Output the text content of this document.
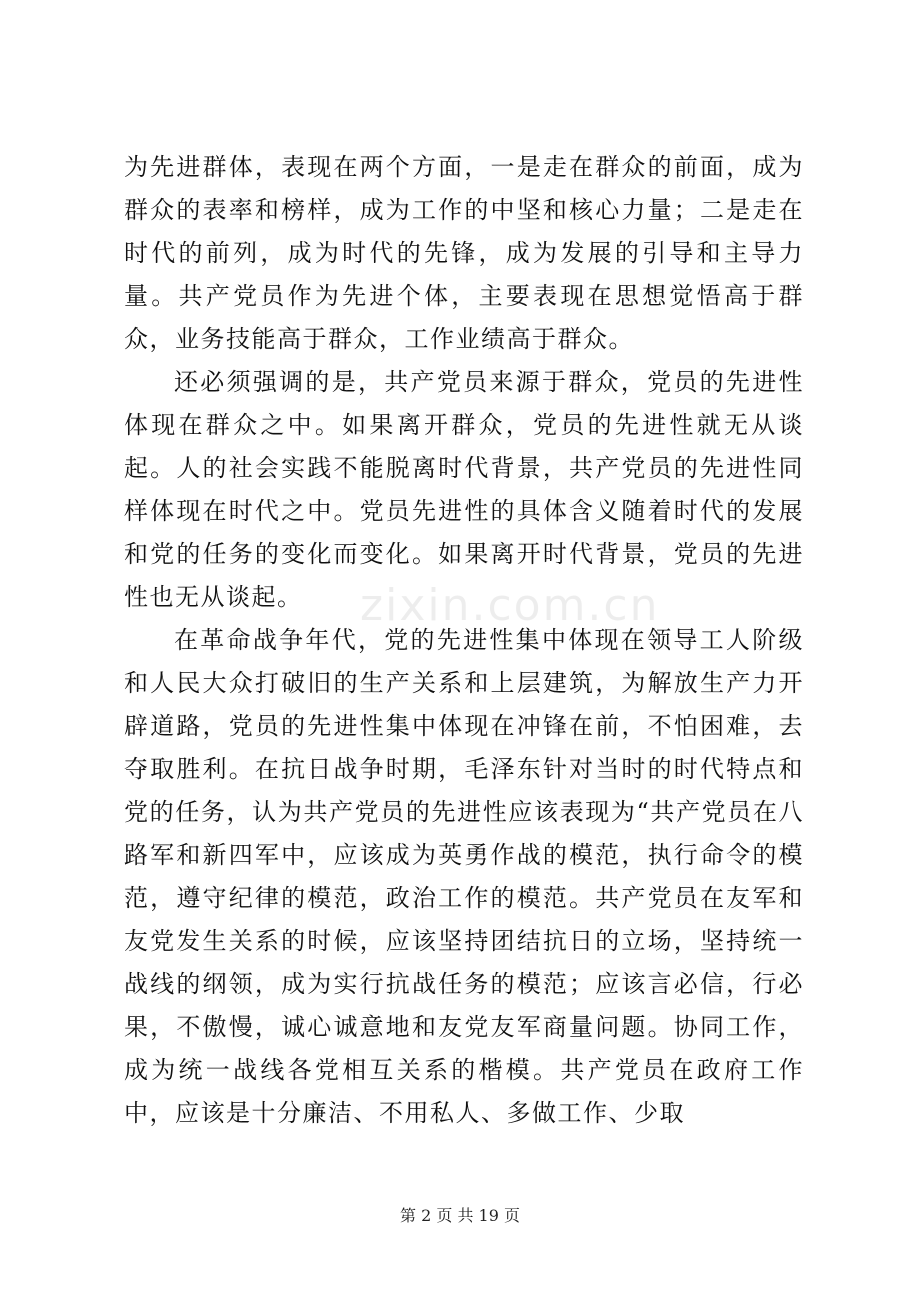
为先进群体，表现在两个方面，一是走在群众的前面，成为群众的表率和榜样，成为工作的中坚和核心力量；二是走在时代的前列，成为时代的先锋，成为发展的引导和主导力量。共产党员作为先进个体，主要表现在思想觉悟高于群众，业务技能高于群众，工作业绩高于群众。

还必须强调的是，共产党员来源于群众，党员的先进性体现在群众之中。如果离开群众，党员的先进性就无从谈起。人的社会实践不能脱离时代背景，共产党员的先进性同样体现在时代之中。党员先进性的具体含义随着时代的发展和党的任务的变化而变化。如果离开时代背景，党员的先进性也无从谈起。

在革命战争年代，党的先进性集中体现在领导工人阶级和人民大众打破旧的生产关系和上层建筑，为解放生产力开辟道路，党员的先进性集中体现在冲锋在前，不怕困难，去夺取胜利。在抗日战争时期，毛泽东针对当时的时代特点和党的任务，认为共产党员的先进性应该表现为“共产党员在八路军和新四军中，应该成为英勇作战的模范，执行命令的模范，遵守纪律的模范，政治工作的模范。共产党员在友军和友党发生关系的时候，应该坚持团结抗日的立场，坚持统一战线的纲领，成为实行抗战任务的模范；应该言必信，行必果，不傲慢，诚心诚意地和友党友军商量问题。协同工作，成为统一战线各党相互关系的楷模。共产党员在政府工作中，应该是十分廉洁、不用私人、多做工作、少取

zixin.com.cn
第 2 页 共 19 页
